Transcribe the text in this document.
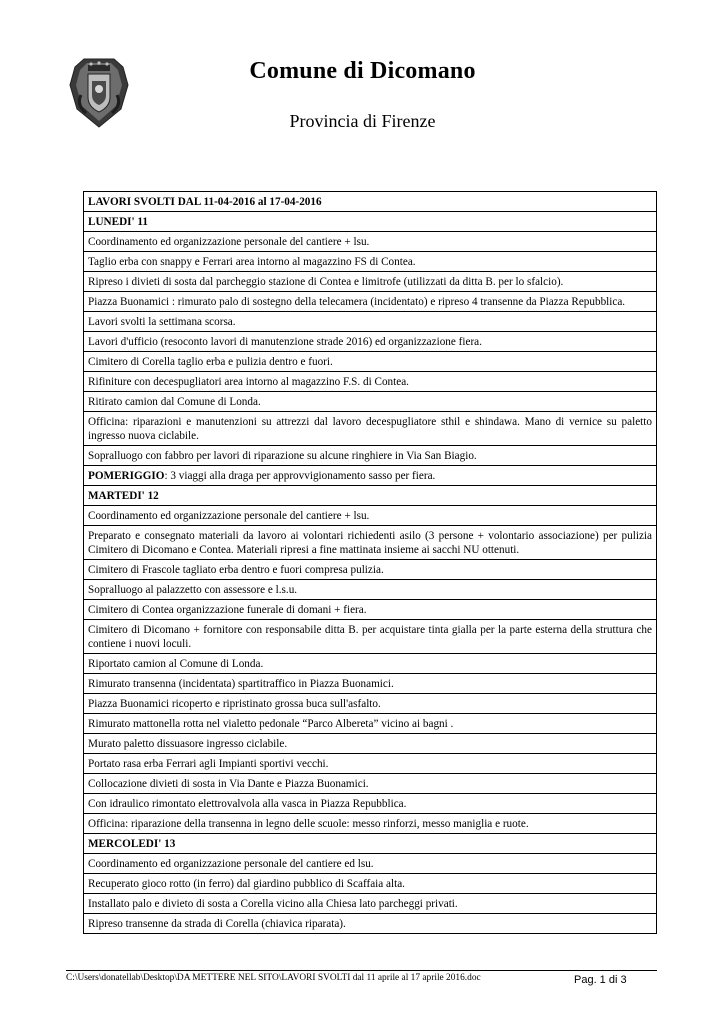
Comune di Dicomano
Provincia di Firenze
LAVORI SVOLTI DAL 11-04-2016 al 17-04-2016
LUNEDI' 11
Coordinamento ed organizzazione personale del cantiere + lsu.
Taglio erba con snappy e Ferrari area intorno al magazzino FS di Contea.
Ripreso i divieti di sosta dal parcheggio stazione di Contea e limitrofe (utilizzati da ditta B. per lo sfalcio).
Piazza Buonamici : rimurato palo di sostegno della telecamera (incidentato) e ripreso 4 transenne da Piazza Repubblica.
Lavori svolti la settimana scorsa.
Lavori d'ufficio (resoconto lavori di manutenzione strade 2016) ed organizzazione fiera.
Cimitero di Corella taglio erba e pulizia dentro e fuori.
Rifiniture con decespugliatori area intorno al magazzino F.S. di Contea.
Ritirato camion dal Comune di Londa.
Officina: riparazioni e manutenzioni su attrezzi dal lavoro decespugliatore sthil e shindawa. Mano di vernice su paletto ingresso nuova ciclabile.
Sopralluogo con fabbro per lavori di riparazione su alcune ringhiere in Via San Biagio.
POMERIGGIO: 3 viaggi alla draga per approvvigionamento sasso per fiera.
MARTEDI' 12
Coordinamento ed organizzazione personale del cantiere + lsu.
Preparato e consegnato materiali da lavoro ai volontari richiedenti asilo (3 persone + volontario associazione) per pulizia Cimitero di Dicomano e Contea. Materiali ripresi a fine mattinata insieme ai sacchi NU ottenuti.
Cimitero di Frascole tagliato erba dentro e fuori compresa pulizia.
Sopralluogo al palazzetto con assessore e l.s.u.
Cimitero di Contea organizzazione funerale di domani + fiera.
Cimitero di Dicomano + fornitore con responsabile ditta B. per acquistare tinta gialla per la parte esterna della struttura che contiene i nuovi loculi.
Riportato camion al Comune di Londa.
Rimurato transenna (incidentata) spartitraffico in Piazza Buonamici.
Piazza Buonamici ricoperto e ripristinato grossa buca sull'asfalto.
Rimurato mattonella rotta nel vialetto pedonale “Parco Albereta” vicino ai bagni .
Murato paletto dissuasore ingresso ciclabile.
Portato rasa erba Ferrari agli Impianti sportivi vecchi.
Collocazione divieti di sosta in Via Dante e Piazza Buonamici.
Con idraulico rimontato elettrovalvola alla vasca in Piazza Repubblica.
Officina: riparazione della transenna in legno delle scuole: messo rinforzi, messo maniglia e ruote.
MERCOLEDI' 13
Coordinamento ed organizzazione personale del cantiere ed lsu.
Recuperato gioco rotto (in ferro) dal giardino pubblico di Scaffaia alta.
Installato palo e divieto di sosta a Corella vicino alla Chiesa lato parcheggi privati.
Ripreso transenne da strada di Corella (chiavica riparata).
C:\Users\donatellab\Desktop\DA METTERE NEL SITO\LAVORI SVOLTI dal 11 aprile al 17 aprile 2016.doc	Pag. 1 di 3
